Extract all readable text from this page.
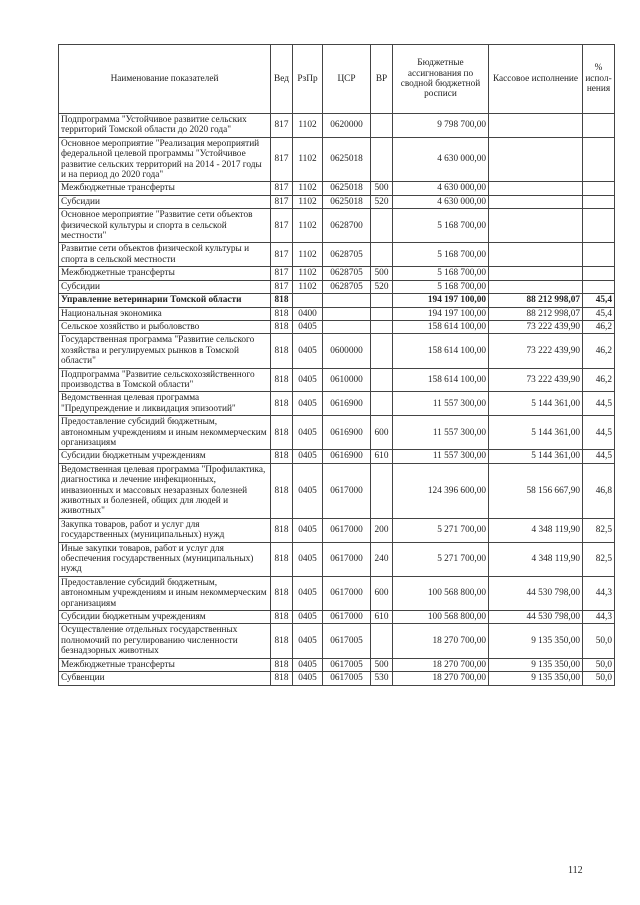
Наименование показателей	Вед	РзПр	ЦСР	ВР	Бюджетные ассигнования по сводной бюджетной росписи	Кассовое исполнение	% испол-нения
Подпрограмма "Устойчивое развитие сельских территорий Томской области до 2020 года"	817	1102	0620000		9 798 700,00		
Основное мероприятие "Реализация мероприятий федеральной целевой программы "Устойчивое развитие сельских территорий на 2014 - 2017 годы и на период до 2020 года"	817	1102	0625018		4 630 000,00		
Межбюджетные трансферты	817	1102	0625018	500	4 630 000,00		
Субсидии	817	1102	0625018	520	4 630 000,00		
Основное мероприятие "Развитие сети объектов физической культуры и спорта в сельской местности"	817	1102	0628700		5 168 700,00		
Развитие сети объектов физической культуры и спорта в сельской местности	817	1102	0628705		5 168 700,00		
Межбюджетные трансферты	817	1102	0628705	500	5 168 700,00		
Субсидии	817	1102	0628705	520	5 168 700,00		
Управление ветеринарии Томской области	818				194 197 100,00	88 212 998,07	45,4
Национальная экономика	818	0400			194 197 100,00	88 212 998,07	45,4
Сельское хозяйство и рыболовство	818	0405			158 614 100,00	73 222 439,90	46,2
Государственная программа "Развитие сельского хозяйства и регулируемых рынков в Томской области"	818	0405	0600000		158 614 100,00	73 222 439,90	46,2
Подпрограмма "Развитие сельскохозяйственного производства в Томской области"	818	0405	0610000		158 614 100,00	73 222 439,90	46,2
Ведомственная целевая программа "Предупреждение и ликвидация эпизоотий"	818	0405	0616900		11 557 300,00	5 144 361,00	44,5
Предоставление субсидий бюджетным, автономным учреждениям и иным некоммерческим организациям	818	0405	0616900	600	11 557 300,00	5 144 361,00	44,5
Субсидии бюджетным учреждениям	818	0405	0616900	610	11 557 300,00	5 144 361,00	44,5
Ведомственная целевая программа "Профилактика, диагностика и лечение инфекционных, инвазионных и массовых незаразных болезней животных и болезней, общих для людей и животных"	818	0405	0617000		124 396 600,00	58 156 667,90	46,8
Закупка товаров, работ и услуг для государственных (муниципальных) нужд	818	0405	0617000	200	5 271 700,00	4 348 119,90	82,5
Иные закупки товаров, работ и услуг для обеспечения государственных (муниципальных) нужд	818	0405	0617000	240	5 271 700,00	4 348 119,90	82,5
Предоставление субсидий бюджетным, автономным учреждениям и иным некоммерческим организациям	818	0405	0617000	600	100 568 800,00	44 530 798,00	44,3
Субсидии бюджетным учреждениям	818	0405	0617000	610	100 568 800,00	44 530 798,00	44,3
Осуществление отдельных государственных полномочий по регулированию численности безнадзорных животных	818	0405	0617005		18 270 700,00	9 135 350,00	50,0
Межбюджетные трансферты	818	0405	0617005	500	18 270 700,00	9 135 350,00	50,0
Субвенции	818	0405	0617005	530	18 270 700,00	9 135 350,00	50,0
112
